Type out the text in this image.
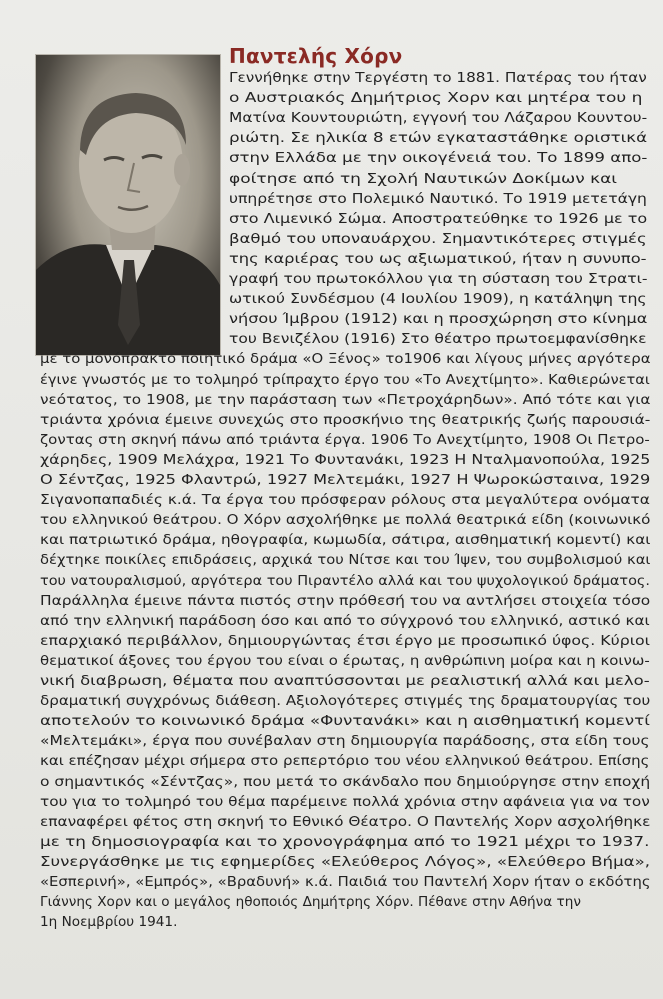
Παντελής Χόρν
Γεννήθηκε στην Τεργέστη το 1881. Πατέρας του ήταν
ο Αυστριακός Δημήτριος Χορν και μητέρα του η
Ματίνα Κουντουριώτη, εγγονή του Λάζαρου Κουντου-
ριώτη. Σε ηλικία 8 ετών εγκαταστάθηκε οριστικά
στην Ελλάδα με την οικογένειά του. Το 1899 απο-
φοίτησε από τη Σχολή Ναυτικών Δοκίμων και
υπηρέτησε στο Πολεμικό Ναυτικό. Το 1919 μετετάγη
στο Λιμενικό Σώμα. Αποστρατεύθηκε το 1926 με το
βαθμό του υποναυάρχου. Σημαντικότερες στιγμές
της καριέρας του ως αξιωματικού, ήταν η συνυπο-
γραφή του πρωτοκόλλου για τη σύσταση του Στρατι-
ωτικού Συνδέσμου (4 Ιουλίου 1909), η κατάληψη της
νήσου Ίμβρου (1912) και η προσχώρηση στο κίνημα
του Βενιζέλου (1916) Στο θέατρο πρωτοεμφανίσθηκε
με το μονόπρακτο ποιητικό δράμα «Ο Ξένος» το1906 και λίγους μήνες αργότερα
έγινε γνωστός με το τολμηρό τρίπραχτο έργο του «Το Ανεχτίμητο». Καθιερώνεται
νεότατος, το 1908, με την παράσταση των «Πετροχάρηδων». Από τότε και για
τριάντα χρόνια έμεινε συνεχώς στο προσκήνιο της θεατρικής ζωής παρουσιά-
ζοντας στη σκηνή πάνω από τριάντα έργα. 1906 Το Ανεχτίμητο, 1908 Οι Πετρο-
χάρηδες, 1909 Μελάχρα, 1921 Το Φυντανάκι, 1923 Η Νταλμανοπούλα, 1925
Ο Σέντζας, 1925 Φλαντρώ, 1927 Μελτεμάκι, 1927 Η Ψωροκώσταινα, 1929
Σιγανοπαπαδιές κ.ά. Τα έργα του πρόσφεραν ρόλους στα μεγαλύτερα ονόματα
του ελληνικού θεάτρου. Ο Χόρν ασχολήθηκε με πολλά θεατρικά είδη (κοινωνικό
και πατριωτικό δράμα, ηθογραφία, κωμωδία, σάτιρα, αισθηματική κομεντί) και
δέχτηκε ποικίλες επιδράσεις, αρχικά του Νίτσε και του Ίψεν, του συμβολισμού και
του νατουραλισμού, αργότερα του Πιραντέλο αλλά και του ψυχολογικού δράματος.
Παράλληλα έμεινε πάντα πιστός στην πρόθεσή του να αντλήσει στοιχεία τόσο
από την ελληνική παράδοση όσο και από το σύγχρονό του ελληνικό, αστικό και
επαρχιακό περιβάλλον, δημιουργώντας έτσι έργο με προσωπικό ύφος. Κύριοι
θεματικοί άξονες του έργου του είναι ο έρωτας, η ανθρώπινη μοίρα και η κοινω-
νική διαβρωση, θέματα που αναπτύσσονται με ρεαλιστική αλλά και μελο-
δραματική συγχρόνως διάθεση. Αξιολογότερες στιγμές της δραματουργίας του
αποτελούν το κοινωνικό δράμα «Φυντανάκι» και η αισθηματική κομεντί
«Μελτεμάκι», έργα που συνέβαλαν στη δημιουργία παράδοσης, στα είδη τους
και επέζησαν μέχρι σήμερα στο ρεπερτόριο του νέου ελληνικού θεάτρου. Επίσης
ο σημαντικός «Σέντζας», που μετά το σκάνδαλο που δημιούργησε στην εποχή
του για το τολμηρό του θέμα παρέμεινε πολλά χρόνια στην αφάνεια για να τον
επαναφέρει φέτος στη σκηνή το Εθνικό Θέατρο. Ο Παντελής Χορν ασχολήθηκε
με τη δημοσιογραφία και το χρονογράφημα από το 1921 μέχρι το 1937.
Συνεργάσθηκε με τις εφημερίδες «Ελεύθερος Λόγος», «Ελεύθερο Βήμα»,
«Εσπερινή», «Εμπρός», «Βραδυνή» κ.ά. Παιδιά του Παντελή Χορν ήταν ο εκδότης
Γιάννης Χορν και ο μεγάλος ηθοποιός Δημήτρης Χόρν. Πέθανε στην Αθήνα την
1η Νοεμβρίου 1941.
